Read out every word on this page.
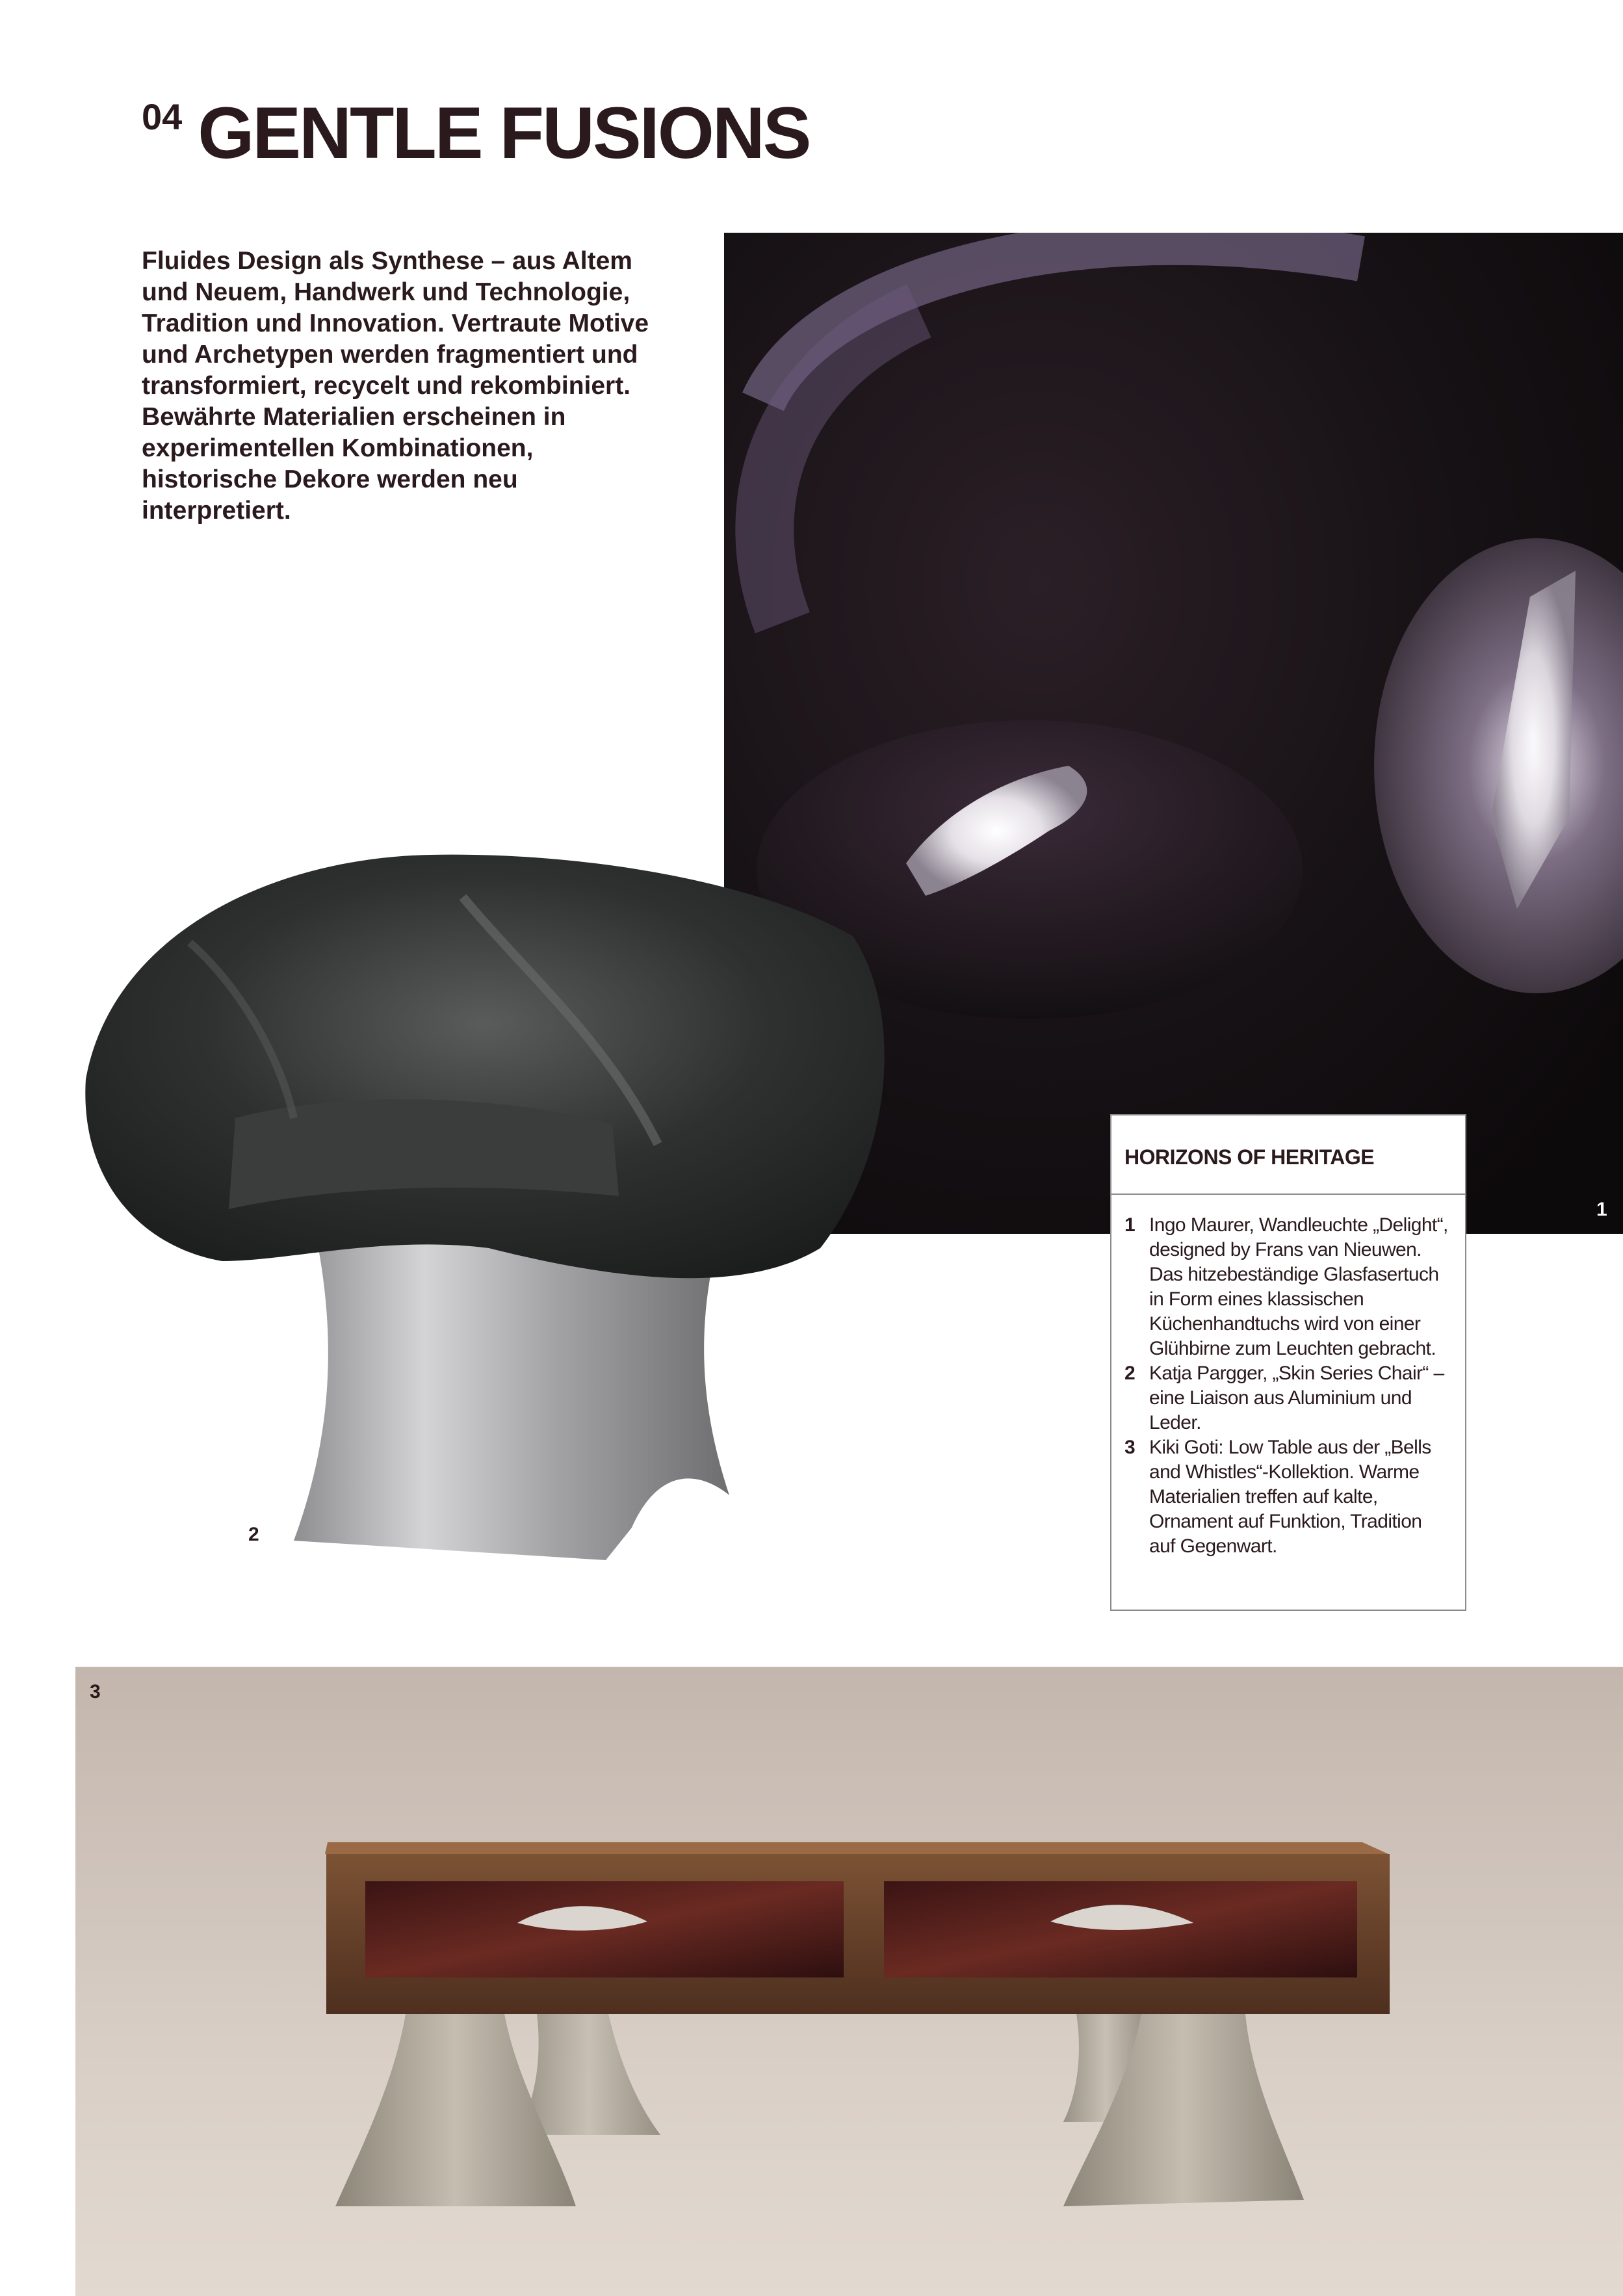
$^{04}$ GENTLE FUSIONS

Fluides Design als Synthese – aus Altem und Neuem, Handwerk und Technologie, Tradition und Innovation. Vertraute Motive und Archetypen werden fragmentiert und transformiert, recycelt und rekombiniert. Bewährte Materialien erscheinen in experimentellen Kombinationen, historische Dekore werden neu interpretiert.

1
2
3
HORIZONS OF HERITAGE
1 Ingo Maurer, Wandleuchte „Delight“, designed by Frans van Nieuwen. Das hitzebeständige Glasfasertuch in Form eines klassischen Küchenhandtuchs wird von einer Glühbirne zum Leuchten gebracht.
2 Katja Pargger, „Skin Series Chair“ – eine Liaison aus Aluminium und Leder.
3 Kiki Goti: Low Table aus der „Bells and Whistles“-Kollektion. Warme Materialien treffen auf kalte, Ornament auf Funktion, Tradition auf Gegenwart.
